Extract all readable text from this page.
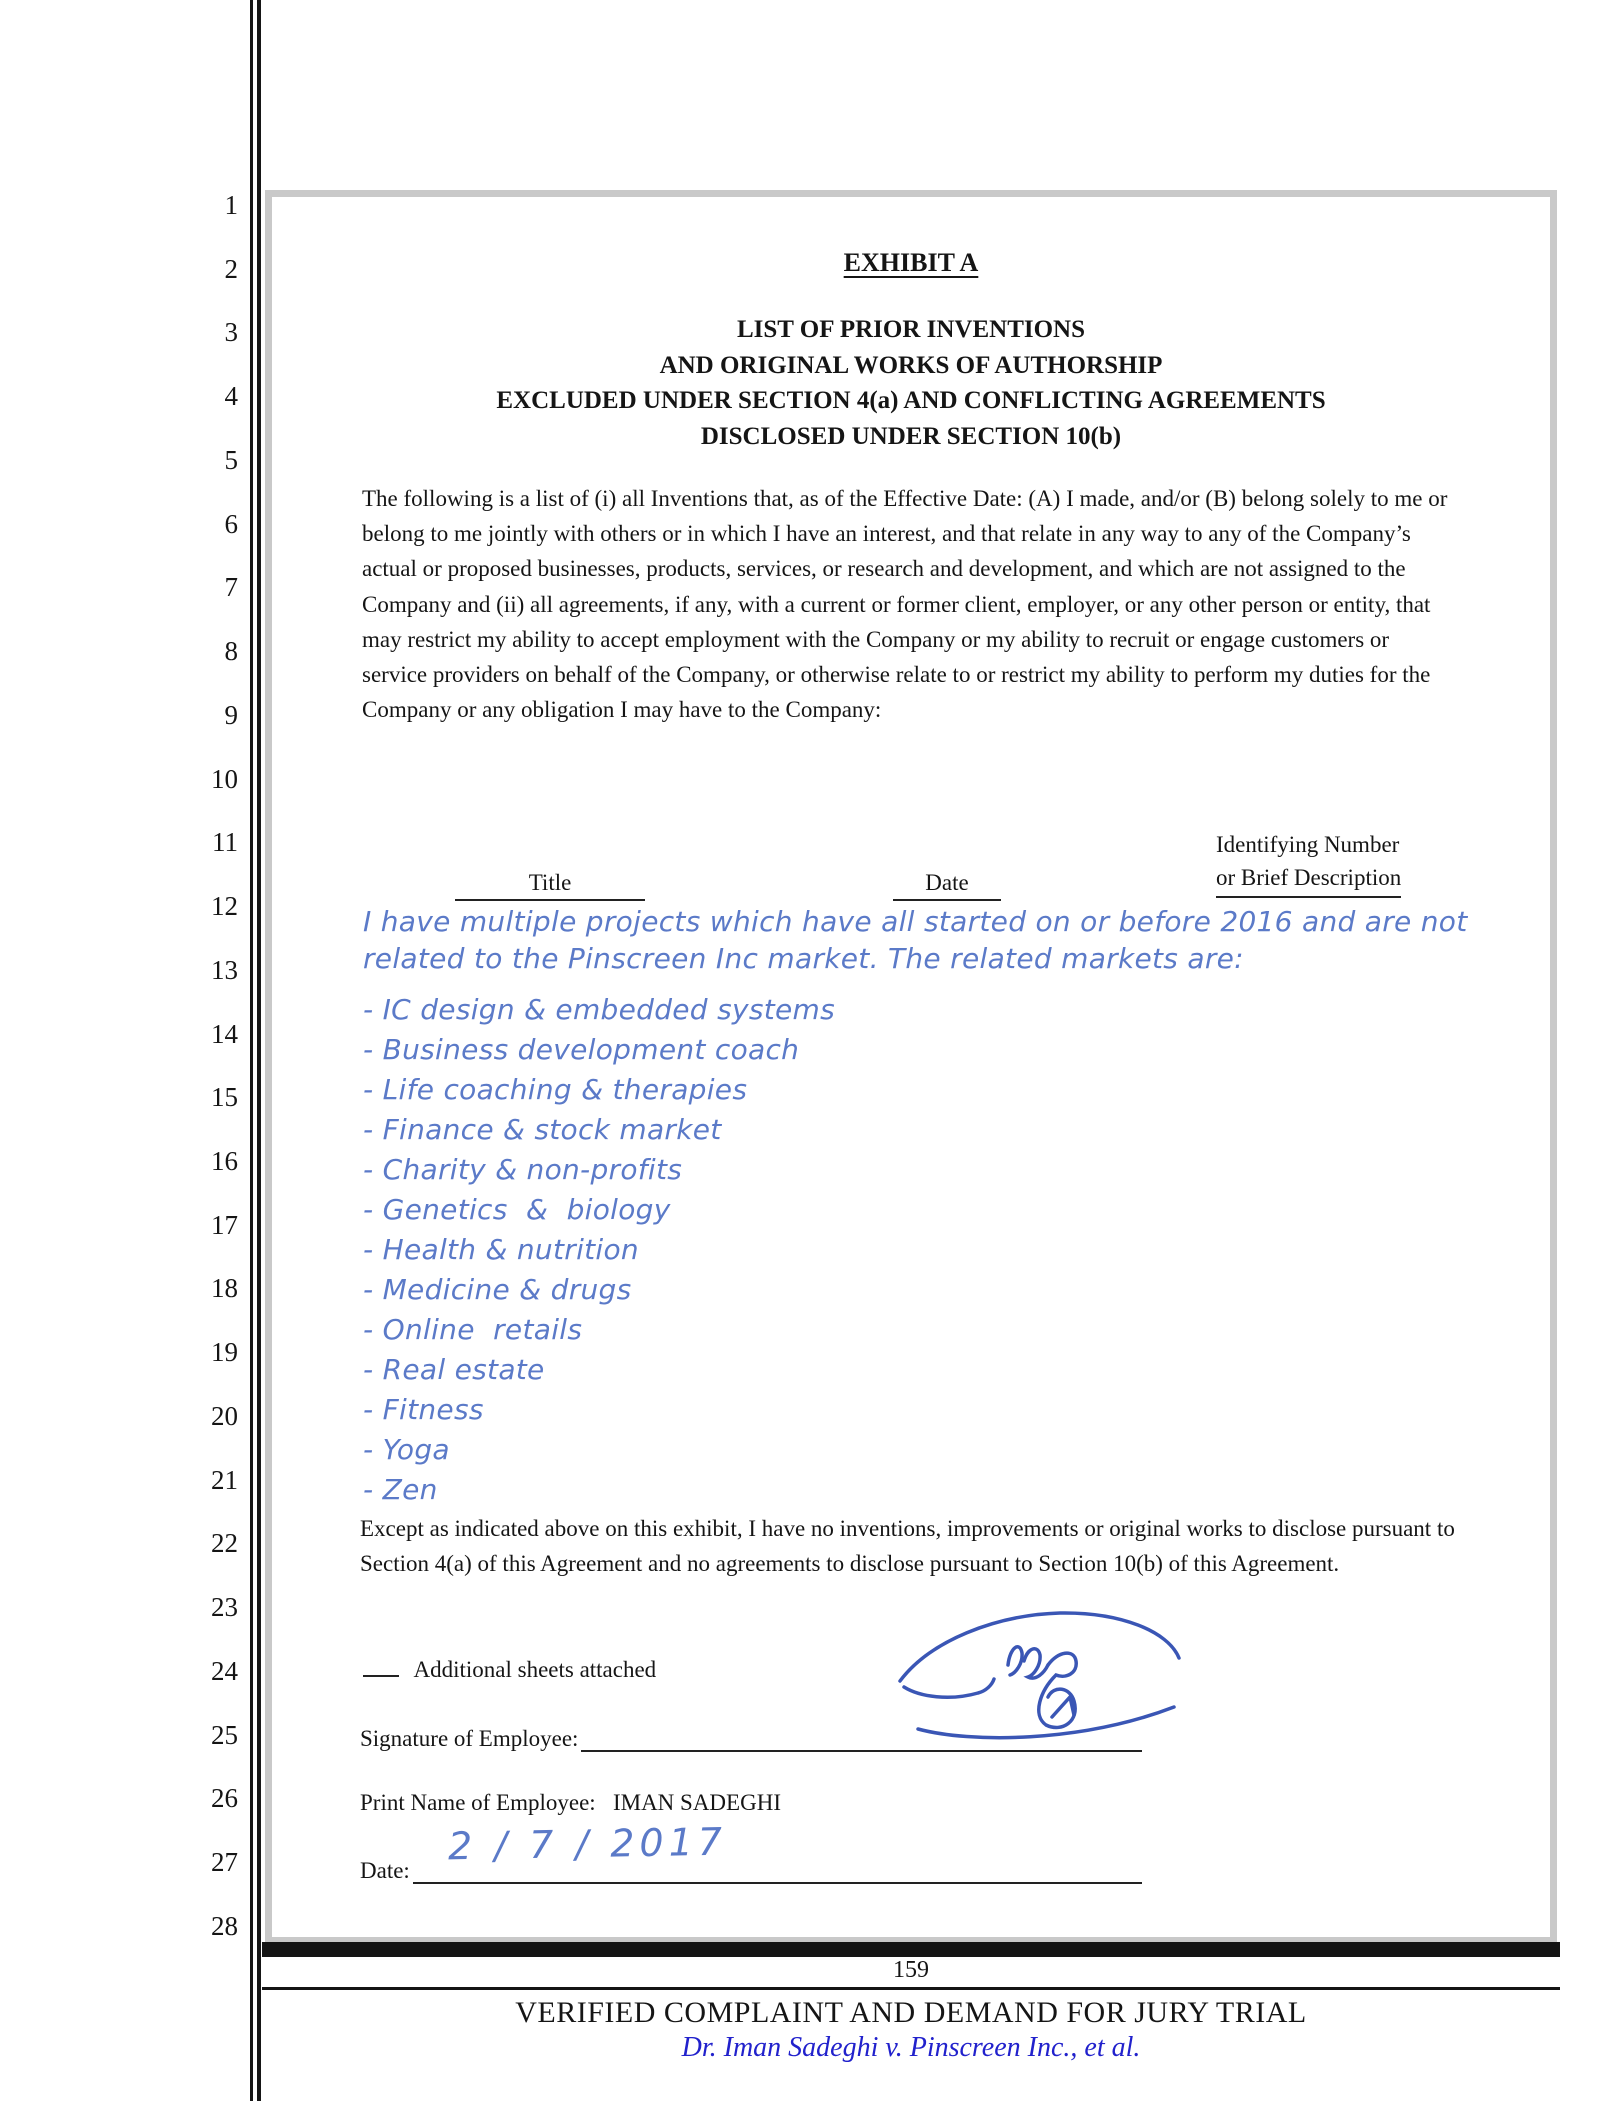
1
2
3
4
5
6
7
8
9
10
11
12
13
14
15
16
17
18
19
20
21
22
23
24
25
26
27
28
EXHIBIT A
LIST OF PRIOR INVENTIONS
AND ORIGINAL WORKS OF AUTHORSHIP
EXCLUDED UNDER SECTION 4(a) AND CONFLICTING AGREEMENTS
DISCLOSED UNDER SECTION 10(b)
The following is a list of (i) all Inventions that, as of the Effective Date: (A) I made, and/or (B) belong solely to me or belong to me jointly with others or in which I have an interest, and that relate in any way to any of the Company’s actual or proposed businesses, products, services, or research and development, and which are not assigned to the Company and (ii) all agreements, if any, with a current or former client, employer, or any other person or entity, that may restrict my ability to accept employment with the Company or my ability to recruit or engage customers or service providers on behalf of the Company, or otherwise relate to or restrict my ability to perform my duties for the Company or any obligation I may have to the Company:
Title	Date
Identifying Number
or Brief Description
I have multiple projects which have all started on or before 2016 and are not related to the Pinscreen Inc market. The related markets are:
- IC design & embedded systems
- Business development coach
- Life coaching & therapies
- Finance & stock market
- Charity & non-profits
- Genetics  &  biology
- Health & nutrition
- Medicine & drugs
- Online  retails
- Real estate
- Fitness
- Yoga
- Zen
Except as indicated above on this exhibit, I have no inventions, improvements or original works to disclose pursuant to Section 4(a) of this Agreement and no agreements to disclose pursuant to Section 10(b) of this Agreement.
Additional sheets attached
Signature of Employee:
Print Name of Employee: IMAN SADEGHI
Date:
2 / 7 / 2017
159
VERIFIED COMPLAINT AND DEMAND FOR JURY TRIAL
Dr. Iman Sadeghi v. Pinscreen Inc., et al.
